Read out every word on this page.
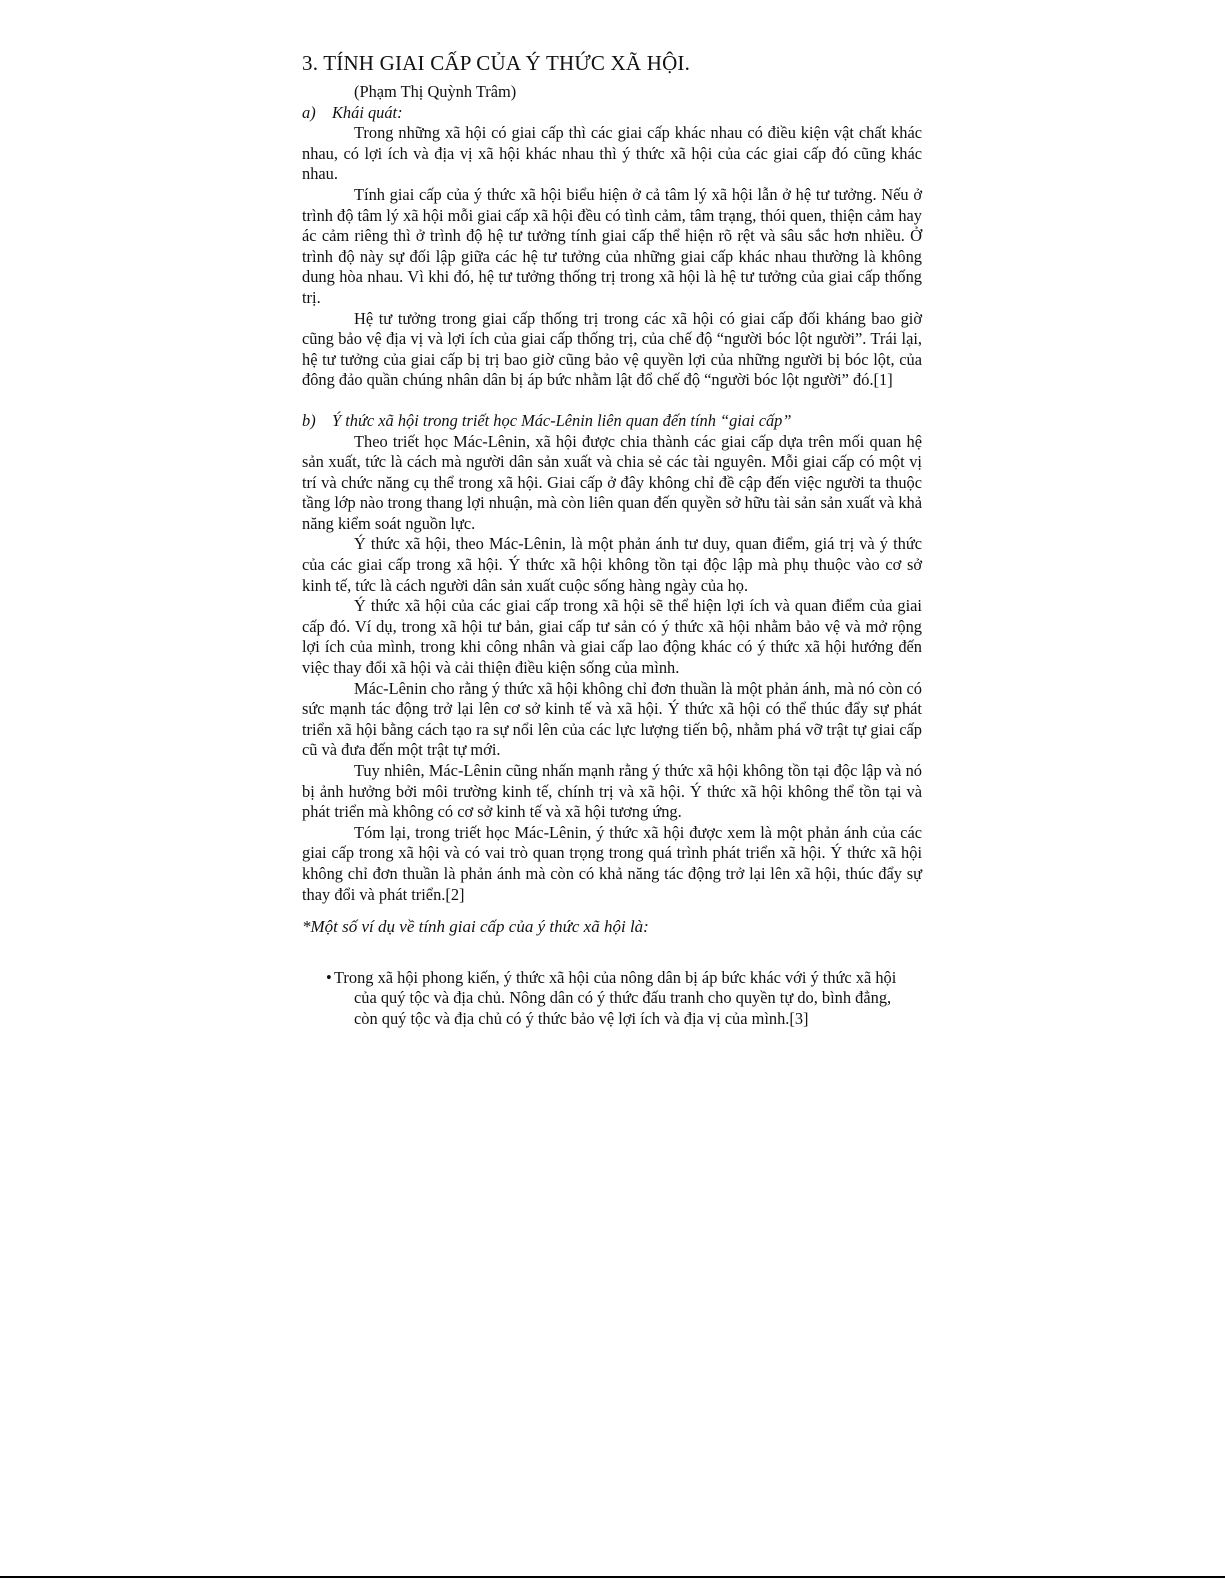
3. TÍNH GIAI CẤP CỦA Ý THỨC XÃ HỘI.

(Phạm Thị Quỳnh Trâm)

a) Khái quát:

Trong những xã hội có giai cấp thì các giai cấp khác nhau có điều kiện vật chất khác nhau, có lợi ích và địa vị xã hội khác nhau thì ý thức xã hội của các giai cấp đó cũng khác nhau.

Tính giai cấp của ý thức xã hội biểu hiện ở cả tâm lý xã hội lẫn ở hệ tư tưởng. Nếu ở trình độ tâm lý xã hội mỗi giai cấp xã hội đều có tình cảm, tâm trạng, thói quen, thiện cảm hay ác cảm riêng thì ở trình độ hệ tư tưởng tính giai cấp thể hiện rõ rệt và sâu sắc hơn nhiều. Ở trình độ này sự đối lập giữa các hệ tư tưởng của những giai cấp khác nhau thường là không dung hòa nhau. Vì khi đó, hệ tư tưởng thống trị trong xã hội là hệ tư tưởng của giai cấp thống trị.

Hệ tư tưởng trong giai cấp thống trị trong các xã hội có giai cấp đối kháng bao giờ cũng bảo vệ địa vị và lợi ích của giai cấp thống trị, của chế độ “người bóc lột người”. Trái lại, hệ tư tưởng của giai cấp bị trị bao giờ cũng bảo vệ quyền lợi của những người bị bóc lột, của đông đảo quần chúng nhân dân bị áp bức nhằm lật đổ chế độ “người bóc lột người” đó.[1]

b) Ý thức xã hội trong triết học Mác-Lênin liên quan đến tính “giai cấp”

Theo triết học Mác-Lênin, xã hội được chia thành các giai cấp dựa trên mối quan hệ sản xuất, tức là cách mà người dân sản xuất và chia sẻ các tài nguyên. Mỗi giai cấp có một vị trí và chức năng cụ thể trong xã hội. Giai cấp ở đây không chỉ đề cập đến việc người ta thuộc tầng lớp nào trong thang lợi nhuận, mà còn liên quan đến quyền sở hữu tài sản sản xuất và khả năng kiểm soát nguồn lực.

Ý thức xã hội, theo Mác-Lênin, là một phản ánh tư duy, quan điểm, giá trị và ý thức của các giai cấp trong xã hội. Ý thức xã hội không tồn tại độc lập mà phụ thuộc vào cơ sở kinh tế, tức là cách người dân sản xuất cuộc sống hàng ngày của họ.

Ý thức xã hội của các giai cấp trong xã hội sẽ thể hiện lợi ích và quan điểm của giai cấp đó. Ví dụ, trong xã hội tư bản, giai cấp tư sản có ý thức xã hội nhằm bảo vệ và mở rộng lợi ích của mình, trong khi công nhân và giai cấp lao động khác có ý thức xã hội hướng đến việc thay đổi xã hội và cải thiện điều kiện sống của mình.

Mác-Lênin cho rằng ý thức xã hội không chỉ đơn thuần là một phản ánh, mà nó còn có sức mạnh tác động trở lại lên cơ sở kinh tế và xã hội. Ý thức xã hội có thể thúc đẩy sự phát triển xã hội bằng cách tạo ra sự nổi lên của các lực lượng tiến bộ, nhằm phá vỡ trật tự giai cấp cũ và đưa đến một trật tự mới.

Tuy nhiên, Mác-Lênin cũng nhấn mạnh rằng ý thức xã hội không tồn tại độc lập và nó bị ảnh hưởng bởi môi trường kinh tế, chính trị và xã hội. Ý thức xã hội không thể tồn tại và phát triển mà không có cơ sở kinh tế và xã hội tương ứng.

Tóm lại, trong triết học Mác-Lênin, ý thức xã hội được xem là một phản ánh của các giai cấp trong xã hội và có vai trò quan trọng trong quá trình phát triển xã hội. Ý thức xã hội không chỉ đơn thuần là phản ánh mà còn có khả năng tác động trở lại lên xã hội, thúc đẩy sự thay đổi và phát triển.[2]

*Một số ví dụ về tính giai cấp của ý thức xã hội là:

• Trong xã hội phong kiến, ý thức xã hội của nông dân bị áp bức khác với ý thức xã hội của quý tộc và địa chủ. Nông dân có ý thức đấu tranh cho quyền tự do, bình đẳng, còn quý tộc và địa chủ có ý thức bảo vệ lợi ích và địa vị của mình.[3]
